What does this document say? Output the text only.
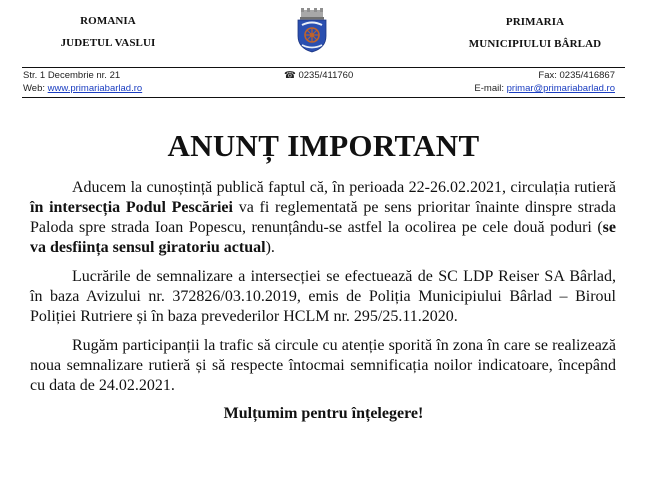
ROMANIA
JUDETUL VASLUI
PRIMARIA
MUNICIPIULUI BÂRLAD
Str. 1 Decembrie nr. 21	☎ 0235/411760	Fax: 0235/416867
Web: www.primariabarlad.ro	E-mail: primar@primariabarlad.ro
ANUNȚ IMPORTANT

Aducem la cunoștință publică faptul că, în perioada 22-26.02.2021, circulația rutieră în intersecția Podul Pescăriei va fi reglementată pe sens prioritar înainte dinspre strada Paloda spre strada Ioan Popescu, renunțându-se astfel la ocolirea pe cele două poduri (se va desființa sensul giratoriu actual).

Lucrările de semnalizare a intersecției se efectuează de SC LDP Reiser SA Bârlad, în baza Avizului nr. 372826/03.10.2019, emis de Poliția Municipiului Bârlad – Biroul Poliției Rutriere și în baza prevederilor HCLM nr. 295/25.11.2020.

Rugăm participanții la trafic să circule cu atenție sporită în zona în care se realizează noua semnalizare rutieră și să respecte întocmai semnificația noilor indicatoare, începând cu data de 24.02.2021.

Mulțumim pentru înțelegere!
